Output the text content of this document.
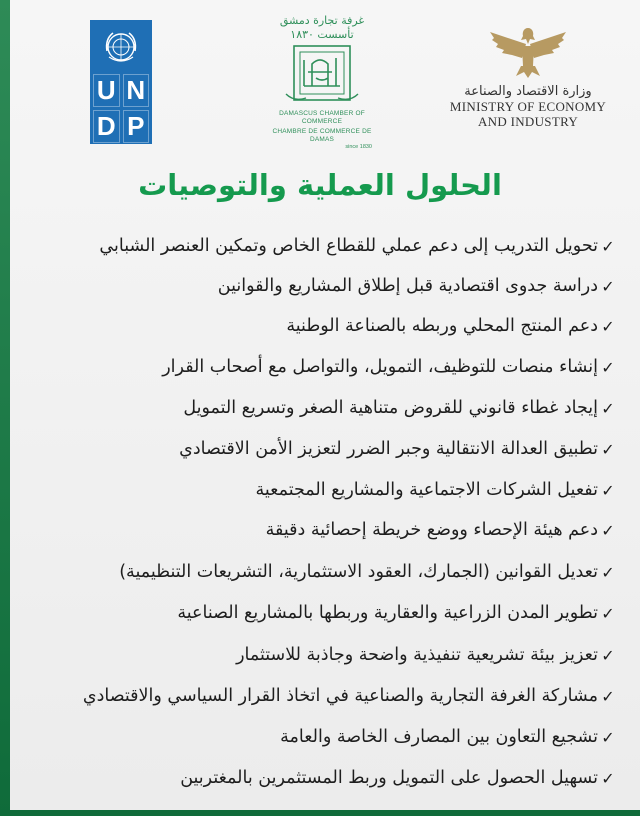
U N
D P
غرفة تجارة دمشق
تأسست ١٨٣٠
DAMASCUS CHAMBER OF COMMERCE
CHAMBRE DE COMMERCE DE DAMAS
since 1830
وزارة الاقتصاد والصناعة
MINISTRY OF ECONOMY
AND INDUSTRY
الحلول العملية والتوصيات
✓
تحويل التدريب إلى دعم عملي للقطاع الخاص وتمكين العنصر الشبابي
✓
دراسة جدوى اقتصادية قبل إطلاق المشاريع والقوانين
✓
دعم المنتج المحلي وربطه بالصناعة الوطنية
✓
إنشاء منصات للتوظيف، التمويل، والتواصل مع أصحاب القرار
✓
إيجاد غطاء قانوني للقروض متناهية الصغر وتسريع التمويل
✓
تطبيق العدالة الانتقالية وجبر الضرر لتعزيز الأمن الاقتصادي
✓
تفعيل الشركات الاجتماعية والمشاريع المجتمعية
✓
دعم هيئة الإحصاء ووضع خريطة إحصائية دقيقة
✓
تعديل القوانين (الجمارك، العقود الاستثمارية، التشريعات التنظيمية)
✓
تطوير المدن الزراعية والعقارية وربطها بالمشاريع الصناعية
✓
تعزيز بيئة تشريعية تنفيذية واضحة وجاذبة للاستثمار
✓
مشاركة الغرفة التجارية والصناعية في اتخاذ القرار السياسي والاقتصادي
✓
تشجيع التعاون بين المصارف الخاصة والعامة
✓
تسهيل الحصول على التمويل وربط المستثمرين بالمغتربين
